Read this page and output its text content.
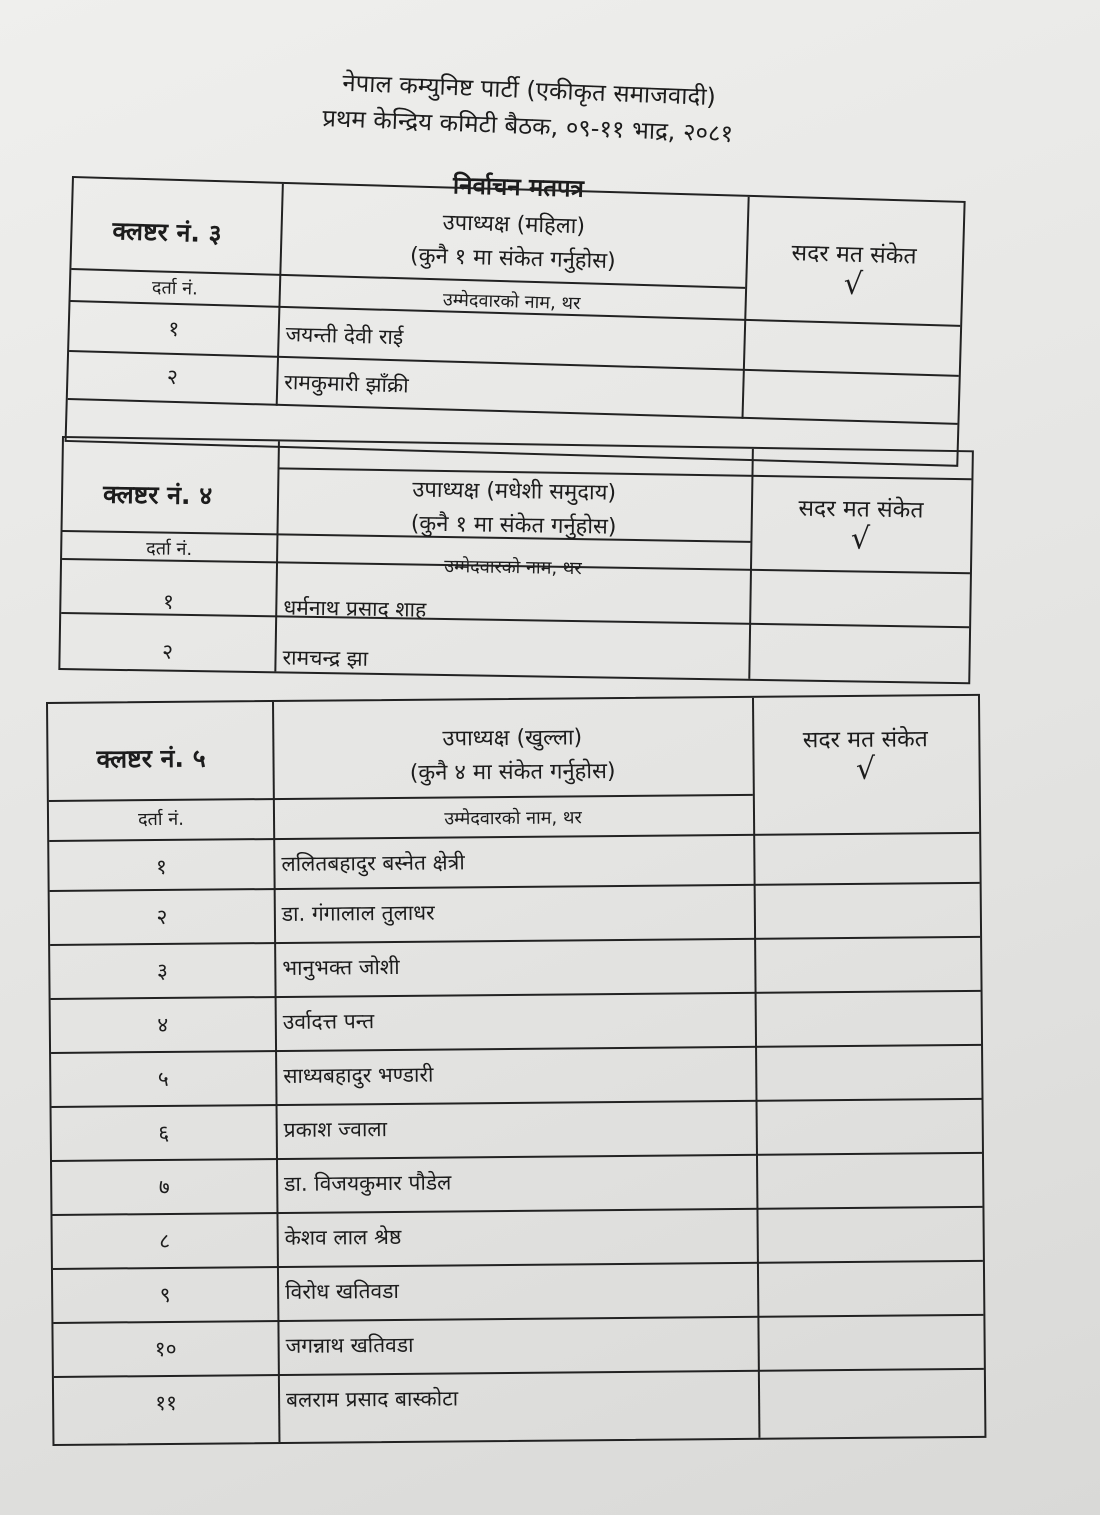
नेपाल कम्युनिष्ट पार्टी (एकीकृत समाजवादी)
प्रथम केन्द्रिय कमिटी बैठक, ०९-११ भाद्र, २०८१
निर्वाचन मतपत्र
क्लष्टर नं. ३	उपाध्यक्ष (महिला)
(कुनै १ मा संकेत गर्नुहोस)	सदर मत संकेत
√
दर्ता नं.
उम्मेदवारको नाम, थर
१	जयन्ती देवी राई
२	रामकुमारी झाँक्री
क्लष्टर नं. ४	उपाध्यक्ष (मधेशी समुदाय)
(कुनै १ मा संकेत गर्नुहोस)
सदर मत संकेत
√
दर्ता नं.
उम्मेदवारको नाम, थर
१	धर्मनाथ प्रसाद शाह
२	रामचन्द्र झा
क्लष्टर नं. ५
उपाध्यक्ष (खुल्ला)
(कुनै ४ मा संकेत गर्नुहोस)
सदर मत संकेत
√
दर्ता नं.	उम्मेदवारको नाम, थर
१	ललितबहादुर बस्नेत क्षेत्री
२	डा. गंगालाल तुलाधर
३	भानुभक्त जोशी
४	उर्वादत्त पन्त
५	साध्यबहादुर भण्डारी
६	प्रकाश ज्वाला
७	डा. विजयकुमार पौडेल
८	केशव लाल श्रेष्ठ
९	विरोध खतिवडा
१०	जगन्नाथ खतिवडा
११	बलराम प्रसाद बास्कोटा
